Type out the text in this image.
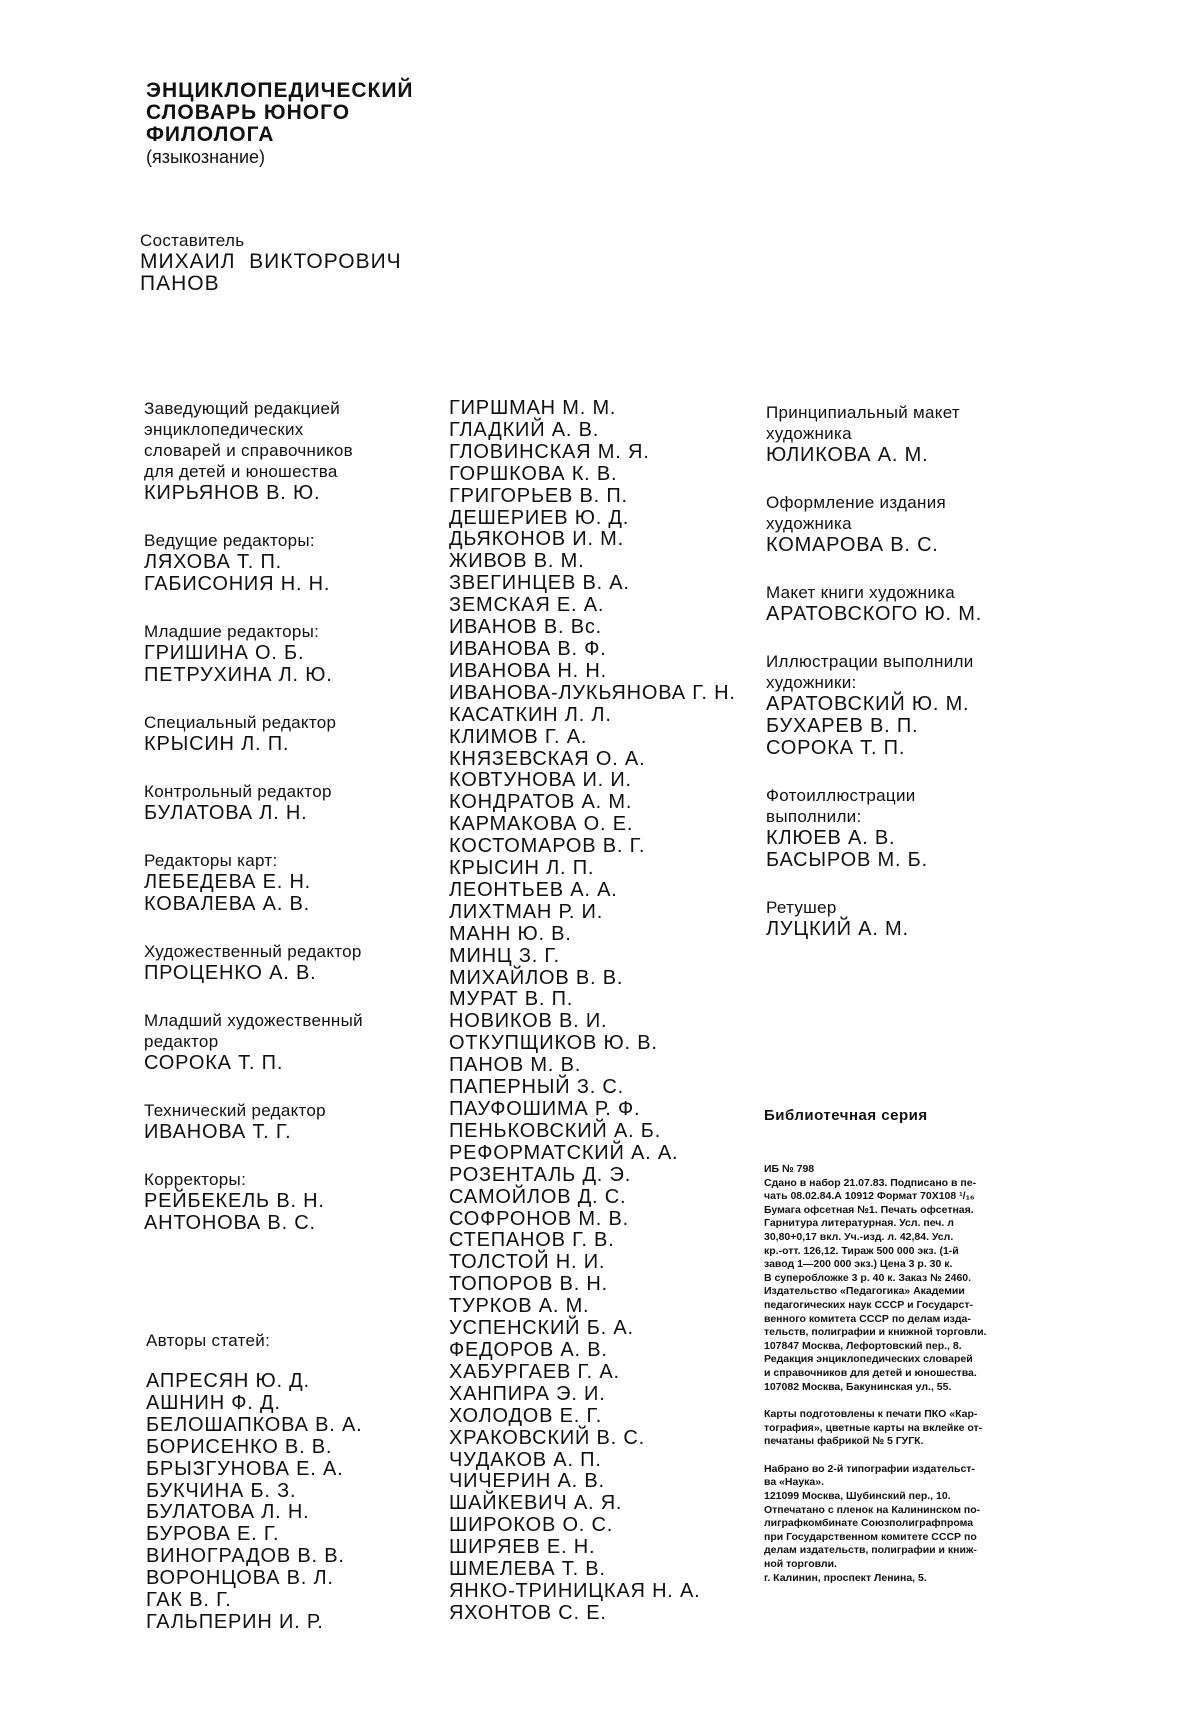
ЭНЦИКЛОПЕДИЧЕСКИЙ
СЛОВАРЬ ЮНОГО
ФИЛОЛОГА
(языкознание)
Составитель
МИХАИЛ  ВИКТОРОВИЧ
ПАНОВ
Заведующий редакцией
энциклопедических
словарей и справочников
для детей и юношества
КИРЬЯНОВ В. Ю.
Ведущие редакторы:
ЛЯХОВА Т. П.
ГАБИСОНИЯ Н. Н.
Младшие редакторы:
ГРИШИНА О. Б.
ПЕТРУХИНА Л. Ю.
Специальный редактор
КРЫСИН Л. П.
Контрольный редактор
БУЛАТОВА Л. Н.
Редакторы карт:
ЛЕБЕДЕВА Е. Н.
КОВАЛЕВА А. В.
Художественный редактор
ПРОЦЕНКО А. В.
Младший художественный
редактор
СОРОКА Т. П.
Технический редактор
ИВАНОВА Т. Г.
Корректоры:
РЕЙБЕКЕЛЬ В. Н.
АНТОНОВА В. С.
Авторы статей:
АПРЕСЯН Ю. Д.
АШНИН Ф. Д.
БЕЛОШАПКОВА В. А.
БОРИСЕНКО В. В.
БРЫЗГУНОВА Е. А.
БУКЧИНА Б. З.
БУЛАТОВА Л. Н.
БУРОВА Е. Г.
ВИНОГРАДОВ В. В.
ВОРОНЦОВА В. Л.
ГАК В. Г.
ГАЛЬПЕРИН И. Р.
ГИРШМАН М. М.
ГЛАДКИЙ А. В.
ГЛОВИНСКАЯ М. Я.
ГОРШКОВА К. В.
ГРИГОРЬЕВ В. П.
ДЕШЕРИЕВ Ю. Д.
ДЬЯКОНОВ И. М.
ЖИВОВ В. М.
ЗВЕГИНЦЕВ В. А.
ЗЕМСКАЯ Е. А.
ИВАНОВ В. Вс.
ИВАНОВА В. Ф.
ИВАНОВА Н. Н.
ИВАНОВА-ЛУКЬЯНОВА Г. Н.
КАСАТКИН Л. Л.
КЛИМОВ Г. А.
КНЯЗЕВСКАЯ О. А.
КОВТУНОВА И. И.
КОНДРАТОВ А. М.
КАРМАКОВА О. Е.
КОСТОМАРОВ В. Г.
КРЫСИН Л. П.
ЛЕОНТЬЕВ А. А.
ЛИХТМАН Р. И.
МАНН Ю. В.
МИНЦ З. Г.
МИХАЙЛОВ В. В.
МУРАТ В. П.
НОВИКОВ В. И.
ОТКУПЩИКОВ Ю. В.
ПАНОВ М. В.
ПАПЕРНЫЙ З. С.
ПАУФОШИМА Р. Ф.
ПЕНЬКОВСКИЙ А. Б.
РЕФОРМАТСКИЙ А. А.
РОЗЕНТАЛЬ Д. Э.
САМОЙЛОВ Д. С.
СОФРОНОВ М. В.
СТЕПАНОВ Г. В.
ТОЛСТОЙ Н. И.
ТОПОРОВ В. Н.
ТУРКОВ А. М.
УСПЕНСКИЙ Б. А.
ФЕДОРОВ А. В.
ХАБУРГАЕВ Г. А.
ХАНПИРА Э. И.
ХОЛОДОВ Е. Г.
ХРАКОВСКИЙ В. С.
ЧУДАКОВ А. П.
ЧИЧЕРИН А. В.
ШАЙКЕВИЧ А. Я.
ШИРОКОВ О. С.
ШИРЯЕВ Е. Н.
ШМЕЛЕВА Т. В.
ЯНКО-ТРИНИЦКАЯ Н. А.
ЯХОНТОВ С. Е.
Принципиальный макет
художника
ЮЛИКОВА А. М.
Оформление издания
художника
КОМАРОВА В. С.
Макет книги художника
АРАТОВСКОГО Ю. М.
Иллюстрации выполнили
художники:
АРАТОВСКИЙ Ю. М.
БУХАРЕВ В. П.
СОРОКА Т. П.
Фотоиллюстрации
выполнили:
КЛЮЕВ А. В.
БАСЫРОВ М. Б.
Ретушер
ЛУЦКИЙ А. М.
Библиотечная серия
ИБ № 798
Сдано в набор 21.07.83. Подписано в пе-
чать 08.02.84.А 10912 Формат 70Х108 ¹/₁₆
Бумага офсетная №1. Печать офсетная.
Гарнитура литературная. Усл. печ. л
30,80+0,17 вкл. Уч.-изд. л. 42,84. Усл.
кр.-отт. 126,12. Тираж 500 000 экз. (1-й
завод 1—200 000 экз.) Цена 3 р. 30 к.
В суперобложке 3 р. 40 к. Заказ № 2460.
Издательство «Педагогика» Академии
педагогических наук СССР и Государст-
венного комитета СССР по делам изда-
тельств, полиграфии и книжной торговли.
107847 Москва, Лефортовский пер., 8.
Редакция энциклопедических словарей
и справочников для детей и юношества.
107082 Москва, Бакунинская ул., 55.
Карты подготовлены к печати ПКО «Кар-
тография», цветные карты на вклейке от-
печатаны фабрикой № 5 ГУГК.
Набрано во 2-й типографии издательст-
ва «Наука».
121099 Москва, Шубинский пер., 10.
Отпечатано с пленок на Калининском по-
лиграфкомбинате Союзполиграфпрома
при Государственном комитете СССР по
делам издательств, полиграфии и книж-
ной торговли.
г. Калинин, проспект Ленина, 5.
